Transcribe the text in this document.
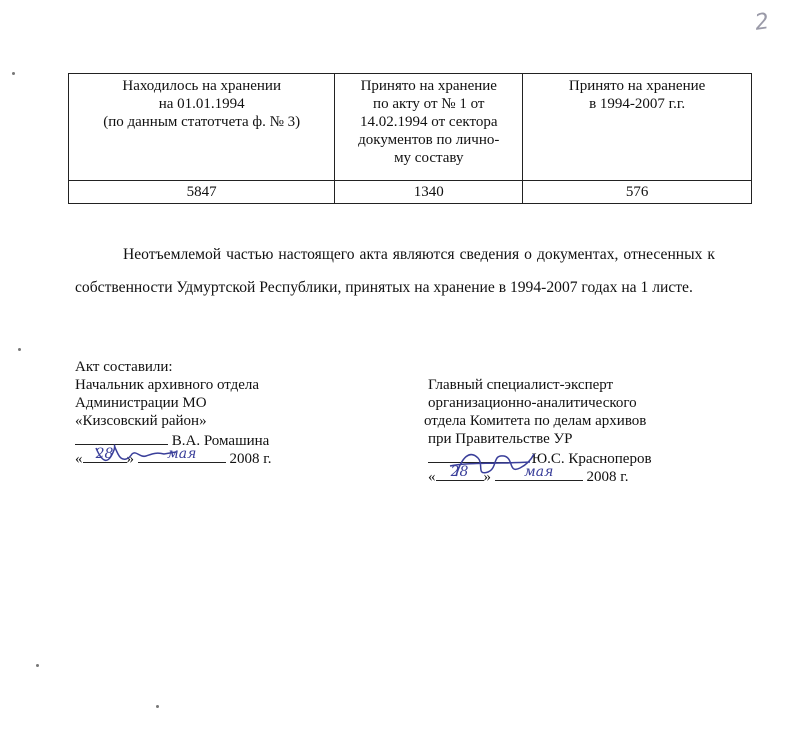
2
Находилось на хранении
на 01.01.1994
(по данным статотчета ф. № 3)	Принято на хранение
по акту от № 1 от
14.02.1994 от сектора
документов по лично-
му составу	Принято на хранение
в 1994-2007 г.г.

5847	1340	576
Неотъемлемой частью настоящего акта являются сведения о документах, отнесенных к собственности Удмуртской Республики, принятых на хранение в 1994-2007 годах на 1 листе.
Акт составили:
Начальник архивного отдела
Администрации МО
«Кизсовский район»
В.А. Ромашина
« 28 »	мая	2008 г.
Главный специалист-эксперт
организационно-аналитического
отдела Комитета по делам архивов
при Правительстве УР
Ю.С. Красноперов
«	28	»	мая	2008 г.
